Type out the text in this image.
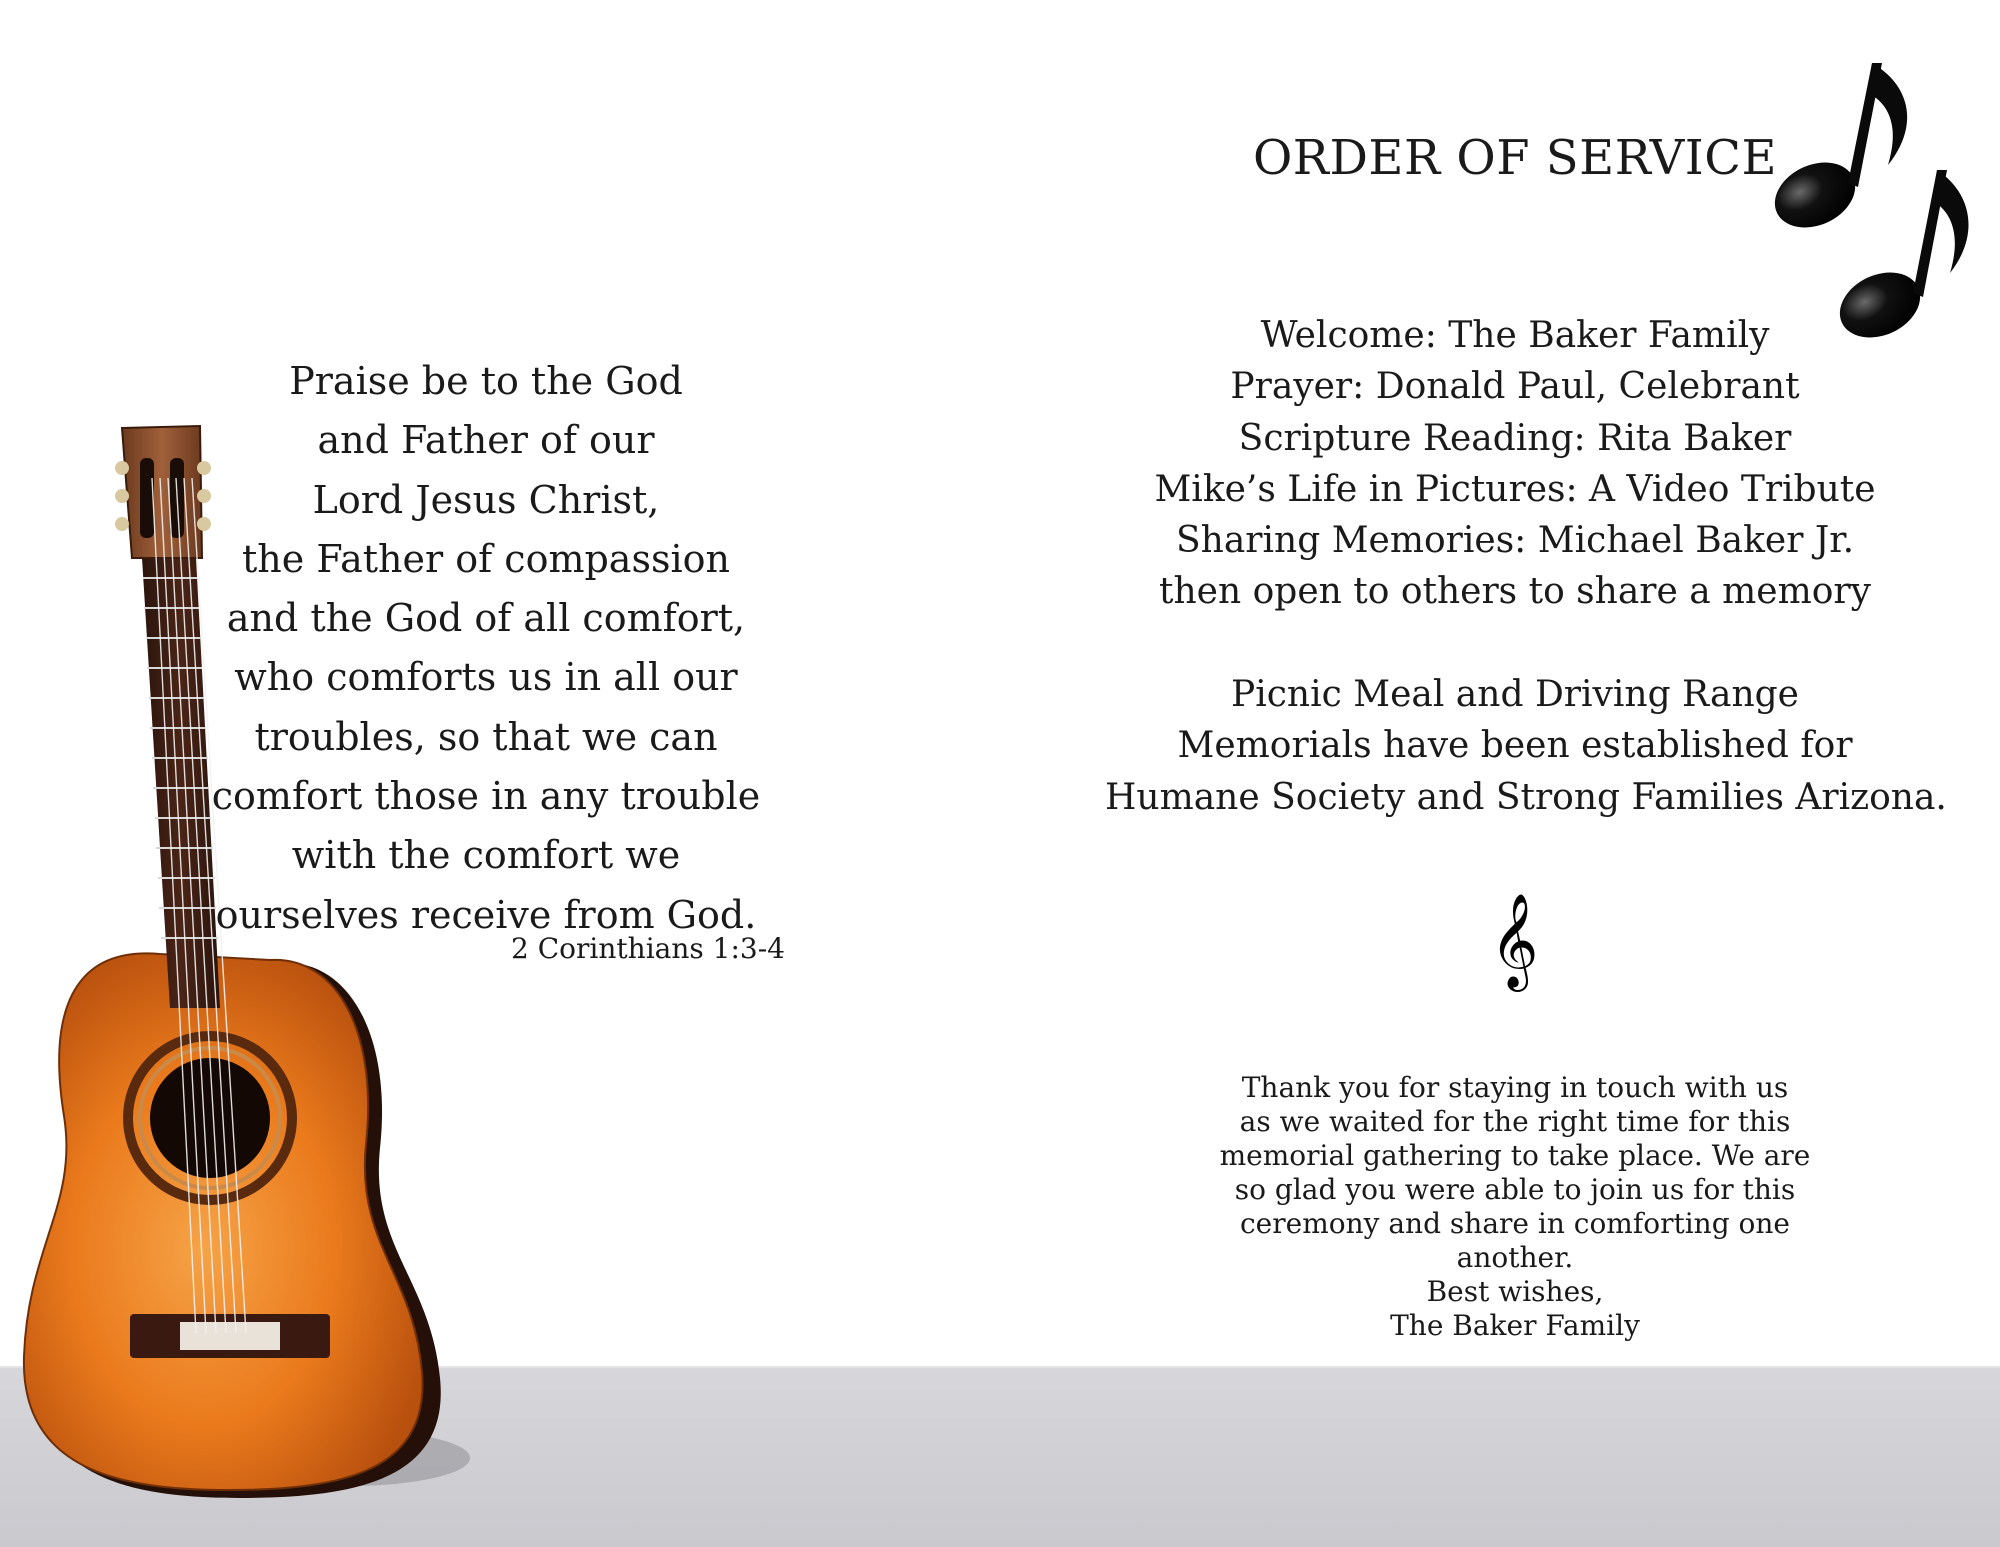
Praise be to the God
and Father of our
Lord Jesus Christ,
the Father of compassion
and the God of all comfort,
who comforts us in all our
troubles, so that we can
comfort those in any trouble
with the comfort we
ourselves receive from God.
2 Corinthians 1:3-4
ORDER OF SERVICE
Welcome: The Baker Family
Prayer: Donald Paul, Celebrant
Scripture Reading: Rita Baker
Mike’s Life in Pictures: A Video Tribute
Sharing Memories: Michael Baker Jr.
then open to others to share a memory
Picnic Meal and Driving Range
Memorials have been established for
Humane Society and Strong Families Arizona.
𝄞
Thank you for staying in touch with us
as we waited for the right time for this
memorial gathering to take place. We are
so glad you were able to join us for this
ceremony and share in comforting one
another.
Best wishes,
The Baker Family
